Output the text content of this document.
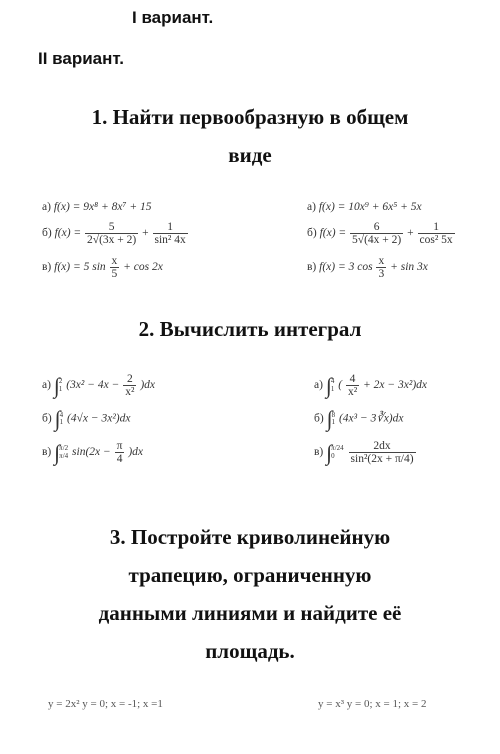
I вариант.
II вариант.
1. Найти первообразную в общем
виде
а) f(x) = 9x⁸ + 8x⁷ + 15
б) $f(x) = \frac{5}{2√(3x + 2)} + \frac{1}{\text{sin² 4x}}$
в) f(x) = 5 $\sin \frac{x}{5} + \cos 2x$
а) f(x) = 10x⁹ + 6x⁵ + 5x
б) $f(x) = \frac{6}{5√(4x + 2)} + \frac{1}{\text{cos² 5x}}$
в) f(x) = 3 $\cos \frac{x}{3} + \sin 3x$
2. Вычислить интеграл
а) ∫ 2
1 $(3x^2 - 4x - \frac{2}{\text{x²}} )dx$
б) ∫ 4
1 (4√x − 3x²)dx
в) ∫ π/2
π/4 $\sin(2x - \frac{\pi}{4} )dx$
а) ∫ 4
1 ( $\frac{4}{\text{x²}} + 2x - 3x^2)dx$
б) ∫ 8
1 (4x³ − 3∛x)dx
в) ∫ π/24
0
	$\frac{2dx}{\text{sin²(2x + π/4)}}$
3. Постройте криволинейную
трапецию, ограниченную
данными линиями и найдите её
площадь.
y = 2x² y = 0; x = -1; x =1	y = x³ y = 0; x = 1; x = 2
